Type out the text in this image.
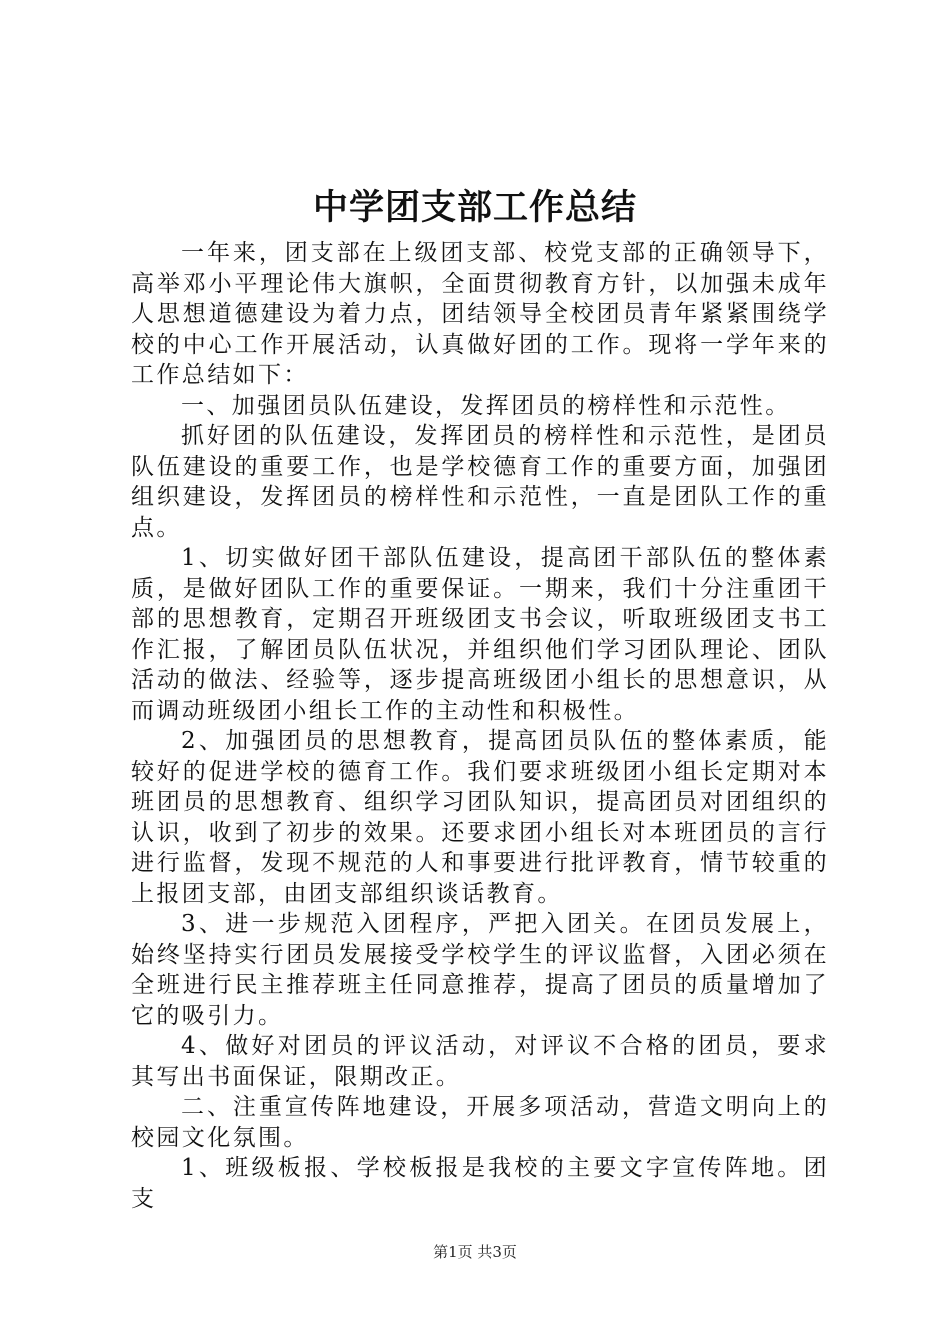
中学团支部工作总结

一年来，团支部在上级团支部、校党支部的正确领导下，高举邓小平理论伟大旗帜，全面贯彻教育方针，以加强未成年人思想道德建设为着力点，团结领导全校团员青年紧紧围绕学校的中心工作开展活动，认真做好团的工作。现将一学年来的工作总结如下：

一、加强团员队伍建设，发挥团员的榜样性和示范性。

抓好团的队伍建设，发挥团员的榜样性和示范性，是团员队伍建设的重要工作，也是学校德育工作的重要方面，加强团组织建设，发挥团员的榜样性和示范性，一直是团队工作的重点。

1、切实做好团干部队伍建设，提高团干部队伍的整体素质，是做好团队工作的重要保证。一期来，我们十分注重团干部的思想教育，定期召开班级团支书会议，听取班级团支书工作汇报，了解团员队伍状况，并组织他们学习团队理论、团队活动的做法、经验等，逐步提高班级团小组长的思想意识，从而调动班级团小组长工作的主动性和积极性。

2、加强团员的思想教育，提高团员队伍的整体素质，能较好的促进学校的德育工作。我们要求班级团小组长定期对本班团员的思想教育、组织学习团队知识，提高团员对团组织的认识，收到了初步的效果。还要求团小组长对本班团员的言行进行监督，发现不规范的人和事要进行批评教育，情节较重的上报团支部，由团支部组织谈话教育。

3、进一步规范入团程序，严把入团关。在团员发展上，始终坚持实行团员发展接受学校学生的评议监督，入团必须在全班进行民主推荐班主任同意推荐，提高了团员的质量增加了它的吸引力。

4、做好对团员的评议活动，对评议不合格的团员，要求其写出书面保证，限期改正。

二、注重宣传阵地建设，开展多项活动，营造文明向上的校园文化氛围。

1、班级板报、学校板报是我校的主要文字宣传阵地。团支

第1页 共3页
